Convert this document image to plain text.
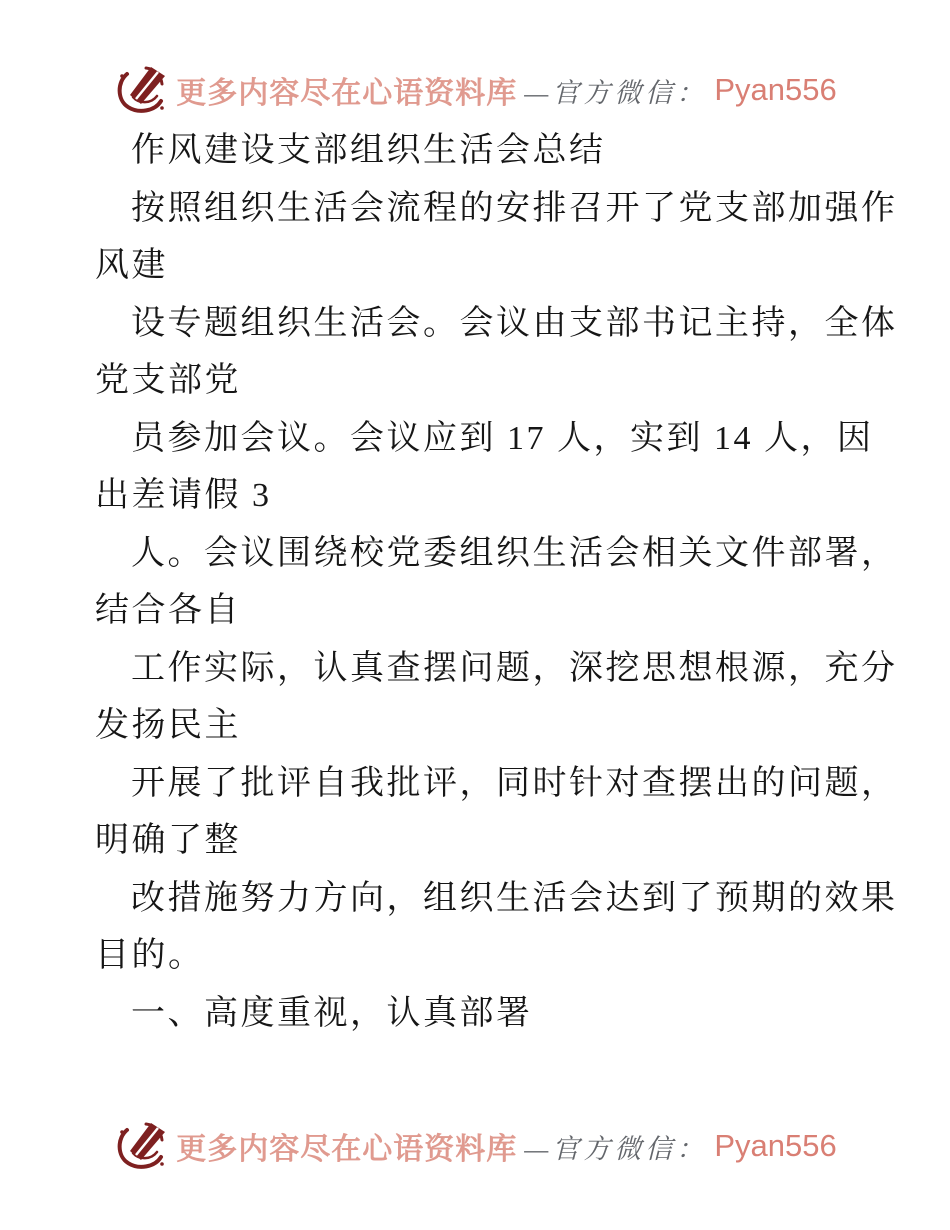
更多内容尽在心语资料库 —官方微信： Pyan556
作风建设支部组织生活会总结
按照组织生活会流程的安排召开了党支部加强作
风建
设专题组织生活会。会议由支部书记主持，全体
党支部党
员参加会议。会议应到 17 人，实到 14 人，因
出差请假 3
人。会议围绕校党委组织生活会相关文件部署，
结合各自
工作实际，认真查摆问题，深挖思想根源，充分
发扬民主
开展了批评自我批评，同时针对查摆出的问题，
明确了整
改措施努力方向，组织生活会达到了预期的效果
目的。
一、高度重视，认真部署
更多内容尽在心语资料库 —官方微信： Pyan556
